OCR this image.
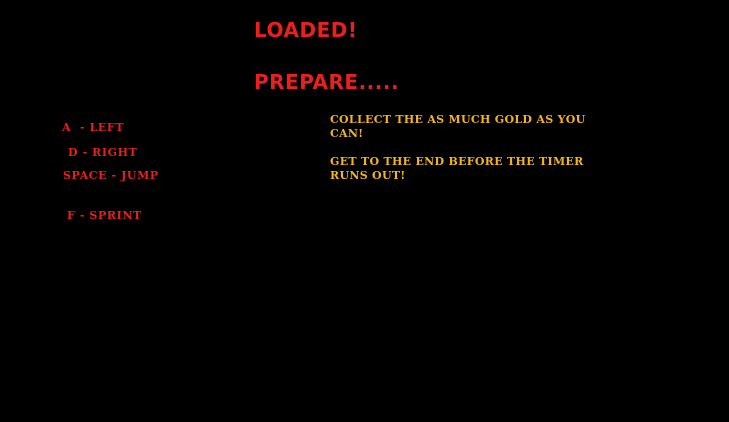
LOADED!
PREPARE.....
A  - LEFT
D - RIGHT
SPACE - JUMP
F - SPRINT
COLLECT THE AS MUCH GOLD AS YOU CAN!
GET TO THE END BEFORE THE TIMER RUNS OUT!
